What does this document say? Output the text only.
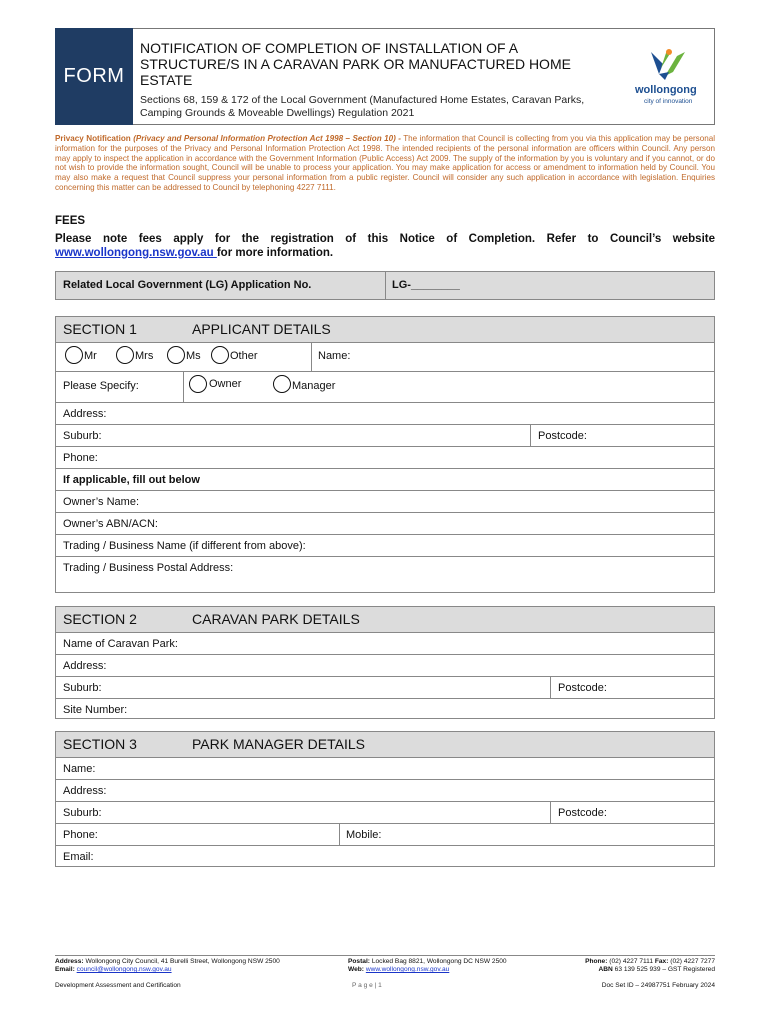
FORM
NOTIFICATION OF COMPLETION OF INSTALLATION OF A STRUCTURE/S IN A CARAVAN PARK OR MANUFACTURED HOME ESTATE
Sections 68, 159 & 172 of the Local Government (Manufactured Home Estates, Caravan Parks, Camping Grounds & Moveable Dwellings) Regulation 2021
wollongong
city of innovation
Privacy Notification (Privacy and Personal Information Protection Act 1998 – Section 10) - The information that Council is collecting from you via this application may be personal information for the purposes of the Privacy and Personal Information Protection Act 1998. The intended recipients of the personal information are officers within Council. Any person may apply to inspect the application in accordance with the Government Information (Public Access) Act 2009. The supply of the information by you is voluntary and if you cannot, or do not wish to provide the information sought, Council will be unable to process your application. You may make application for access or amendment to information held by Council. You may also make a request that Council suppress your personal information from a public register. Council will consider any such application in accordance with legislation. Enquiries concerning this matter can be addressed to Council by telephoning 4227 7111.
FEES
Please note fees apply for the registration of this Notice of Completion. Refer to Council’s website www.wollongong.nsw.gov.au for more information.
Related Local Government (LG) Application No.	LG-________
SECTION 1	APPLICANT DETAILS
Mr	Mrs	Ms	Other	Name:
Please Specify:	Owner	Manager
Address:
Suburb:	Postcode:
Phone:
If applicable, fill out below
Owner’s Name:
Owner’s ABN/ACN:
Trading / Business Name (if different from above):
Trading / Business Postal Address:
SECTION 2	CARAVAN PARK DETAILS
Name of Caravan Park:
Address:
Suburb:	Postcode:
Site Number:
SECTION 3	PARK MANAGER DETAILS
Name:
Address:
Suburb:	Postcode:
Phone:	Mobile:
Email:
Address: Wollongong City Council, 41 Burelli Street, Wollongong NSW 2500
Email: council@wollongong.nsw.gov.au
Postal: Locked Bag 8821, Wollongong DC NSW 2500
Web: www.wollongong.nsw.gov.au
Phone: (02) 4227 7111 Fax: (02) 4227 7277
ABN 63 139 525 939 – GST Registered
Development Assessment and Certification	P a g e | 1	Doc Set ID – 24987751 February 2024
